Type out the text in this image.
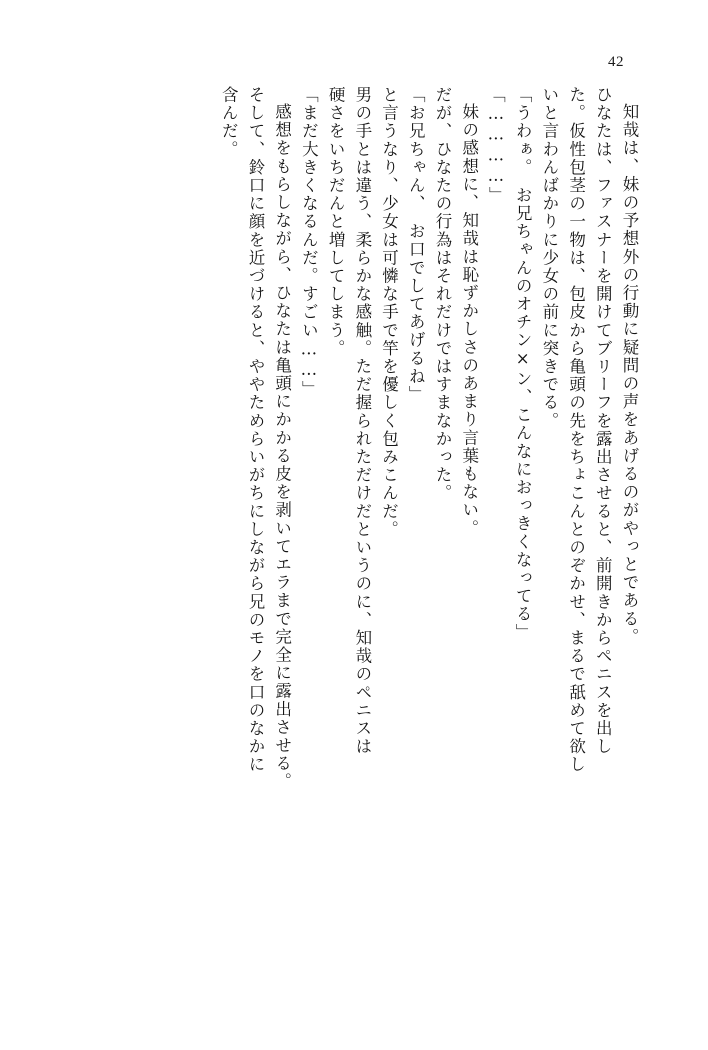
42
知哉は、妹の予想外の行動に疑問の声をあげるのがやっとである。
ひなたは、ファスナーを開けてブリーフを露出させると、前開きからペニスを出し
た。仮性包茎の一物は、包皮から亀頭の先をちょこんとのぞかせ、まるで舐めて欲し
いと言わんばかりに少女の前に突きでる。
「うわぁ。　お兄ちゃんのオチン×ン、こんなにおっきくなってる」
「…………」
妹の感想に、知哉は恥ずかしさのあまり言葉もない。
だが、ひなたの行為はそれだけではすまなかった。
「お兄ちゃん、　お口でしてあげるね」
と言うなり、少女は可憐な手で竿を優しく包みこんだ。
男の手とは違う、柔らかな感触。ただ握られただけだというのに、知哉のペニスは
硬さをいちだんと増してしまう。
「まだ大きくなるんだ。すごい……」
感想をもらしながら、ひなたは亀頭にかかる皮を剥いてエラまで完全に露出させる。
そして、鈴口に顔を近づけると、ややためらいがちにしながら兄のモノを口のなかに
含んだ。
